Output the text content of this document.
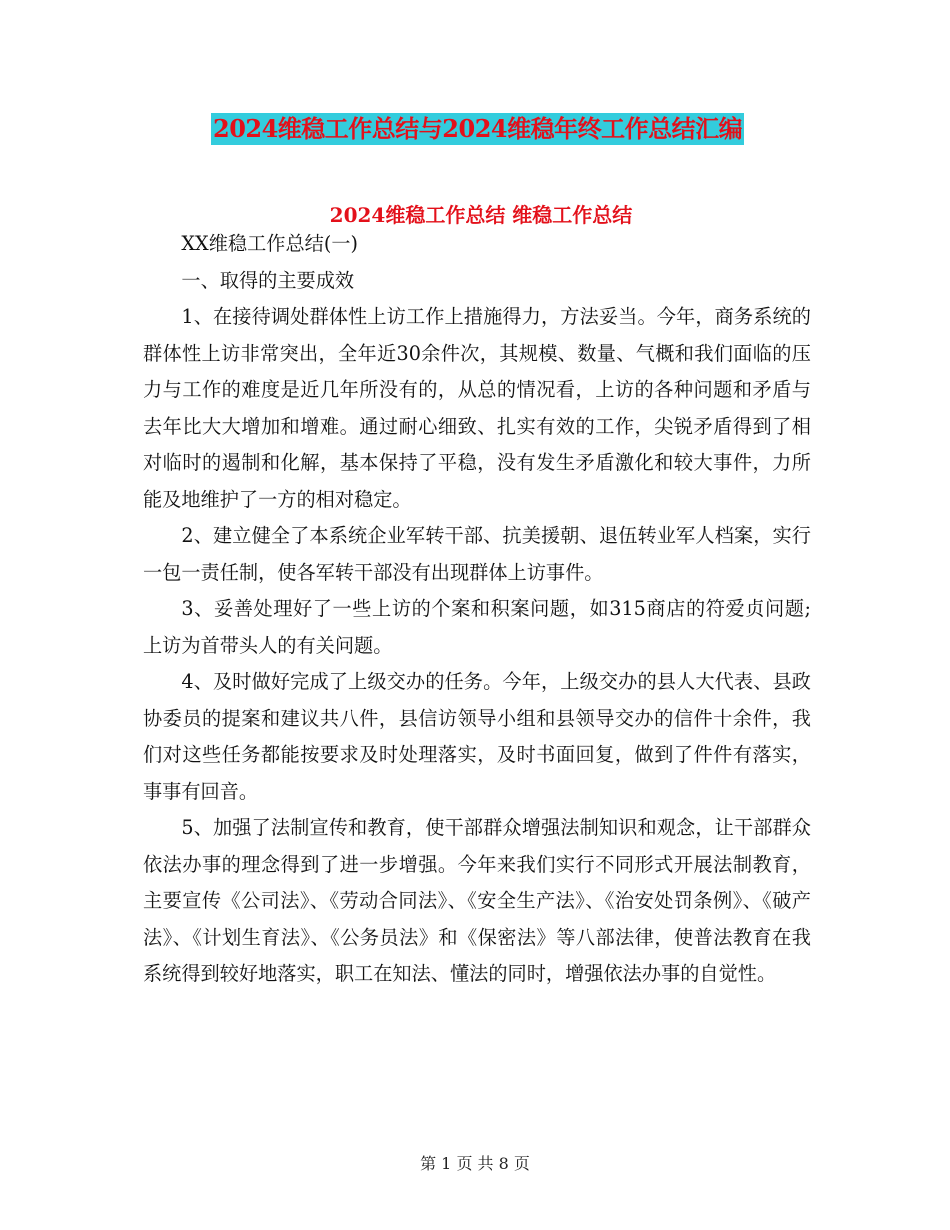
2024维稳工作总结与2024维稳年终工作总结汇编
2024维稳工作总结 维稳工作总结
XX维稳工作总结(一)
一、取得的主要成效
1、在接待调处群体性上访工作上措施得力，方法妥当。今年，商务系统的群体性上访非常突出，全年近30余件次，其规模、数量、气概和我们面临的压力与工作的难度是近几年所没有的，从总的情况看，上访的各种问题和矛盾与去年比大大增加和增难。通过耐心细致、扎实有效的工作，尖锐矛盾得到了相对临时的遏制和化解，基本保持了平稳，没有发生矛盾激化和较大事件，力所能及地维护了一方的相对稳定。
2、建立健全了本系统企业军转干部、抗美援朝、退伍转业军人档案，实行一包一责任制，使各军转干部没有出现群体上访事件。
3、妥善处理好了一些上访的个案和积案问题，如315商店的符爱贞问题;上访为首带头人的有关问题。
4、及时做好完成了上级交办的任务。今年，上级交办的县人大代表、县政协委员的提案和建议共八件，县信访领导小组和县领导交办的信件十余件，我们对这些任务都能按要求及时处理落实，及时书面回复，做到了件件有落实，事事有回音。
5、加强了法制宣传和教育，使干部群众增强法制知识和观念，让干部群众依法办事的理念得到了进一步增强。今年来我们实行不同形式开展法制教育，主要宣传《公司法》、《劳动合同法》、《安全生产法》、《治安处罚条例》、《破产法》、《计划生育法》、《公务员法》和《保密法》等八部法律，使普法教育在我系统得到较好地落实，职工在知法、懂法的同时，增强依法办事的自觉性。
第 1 页 共 8 页
